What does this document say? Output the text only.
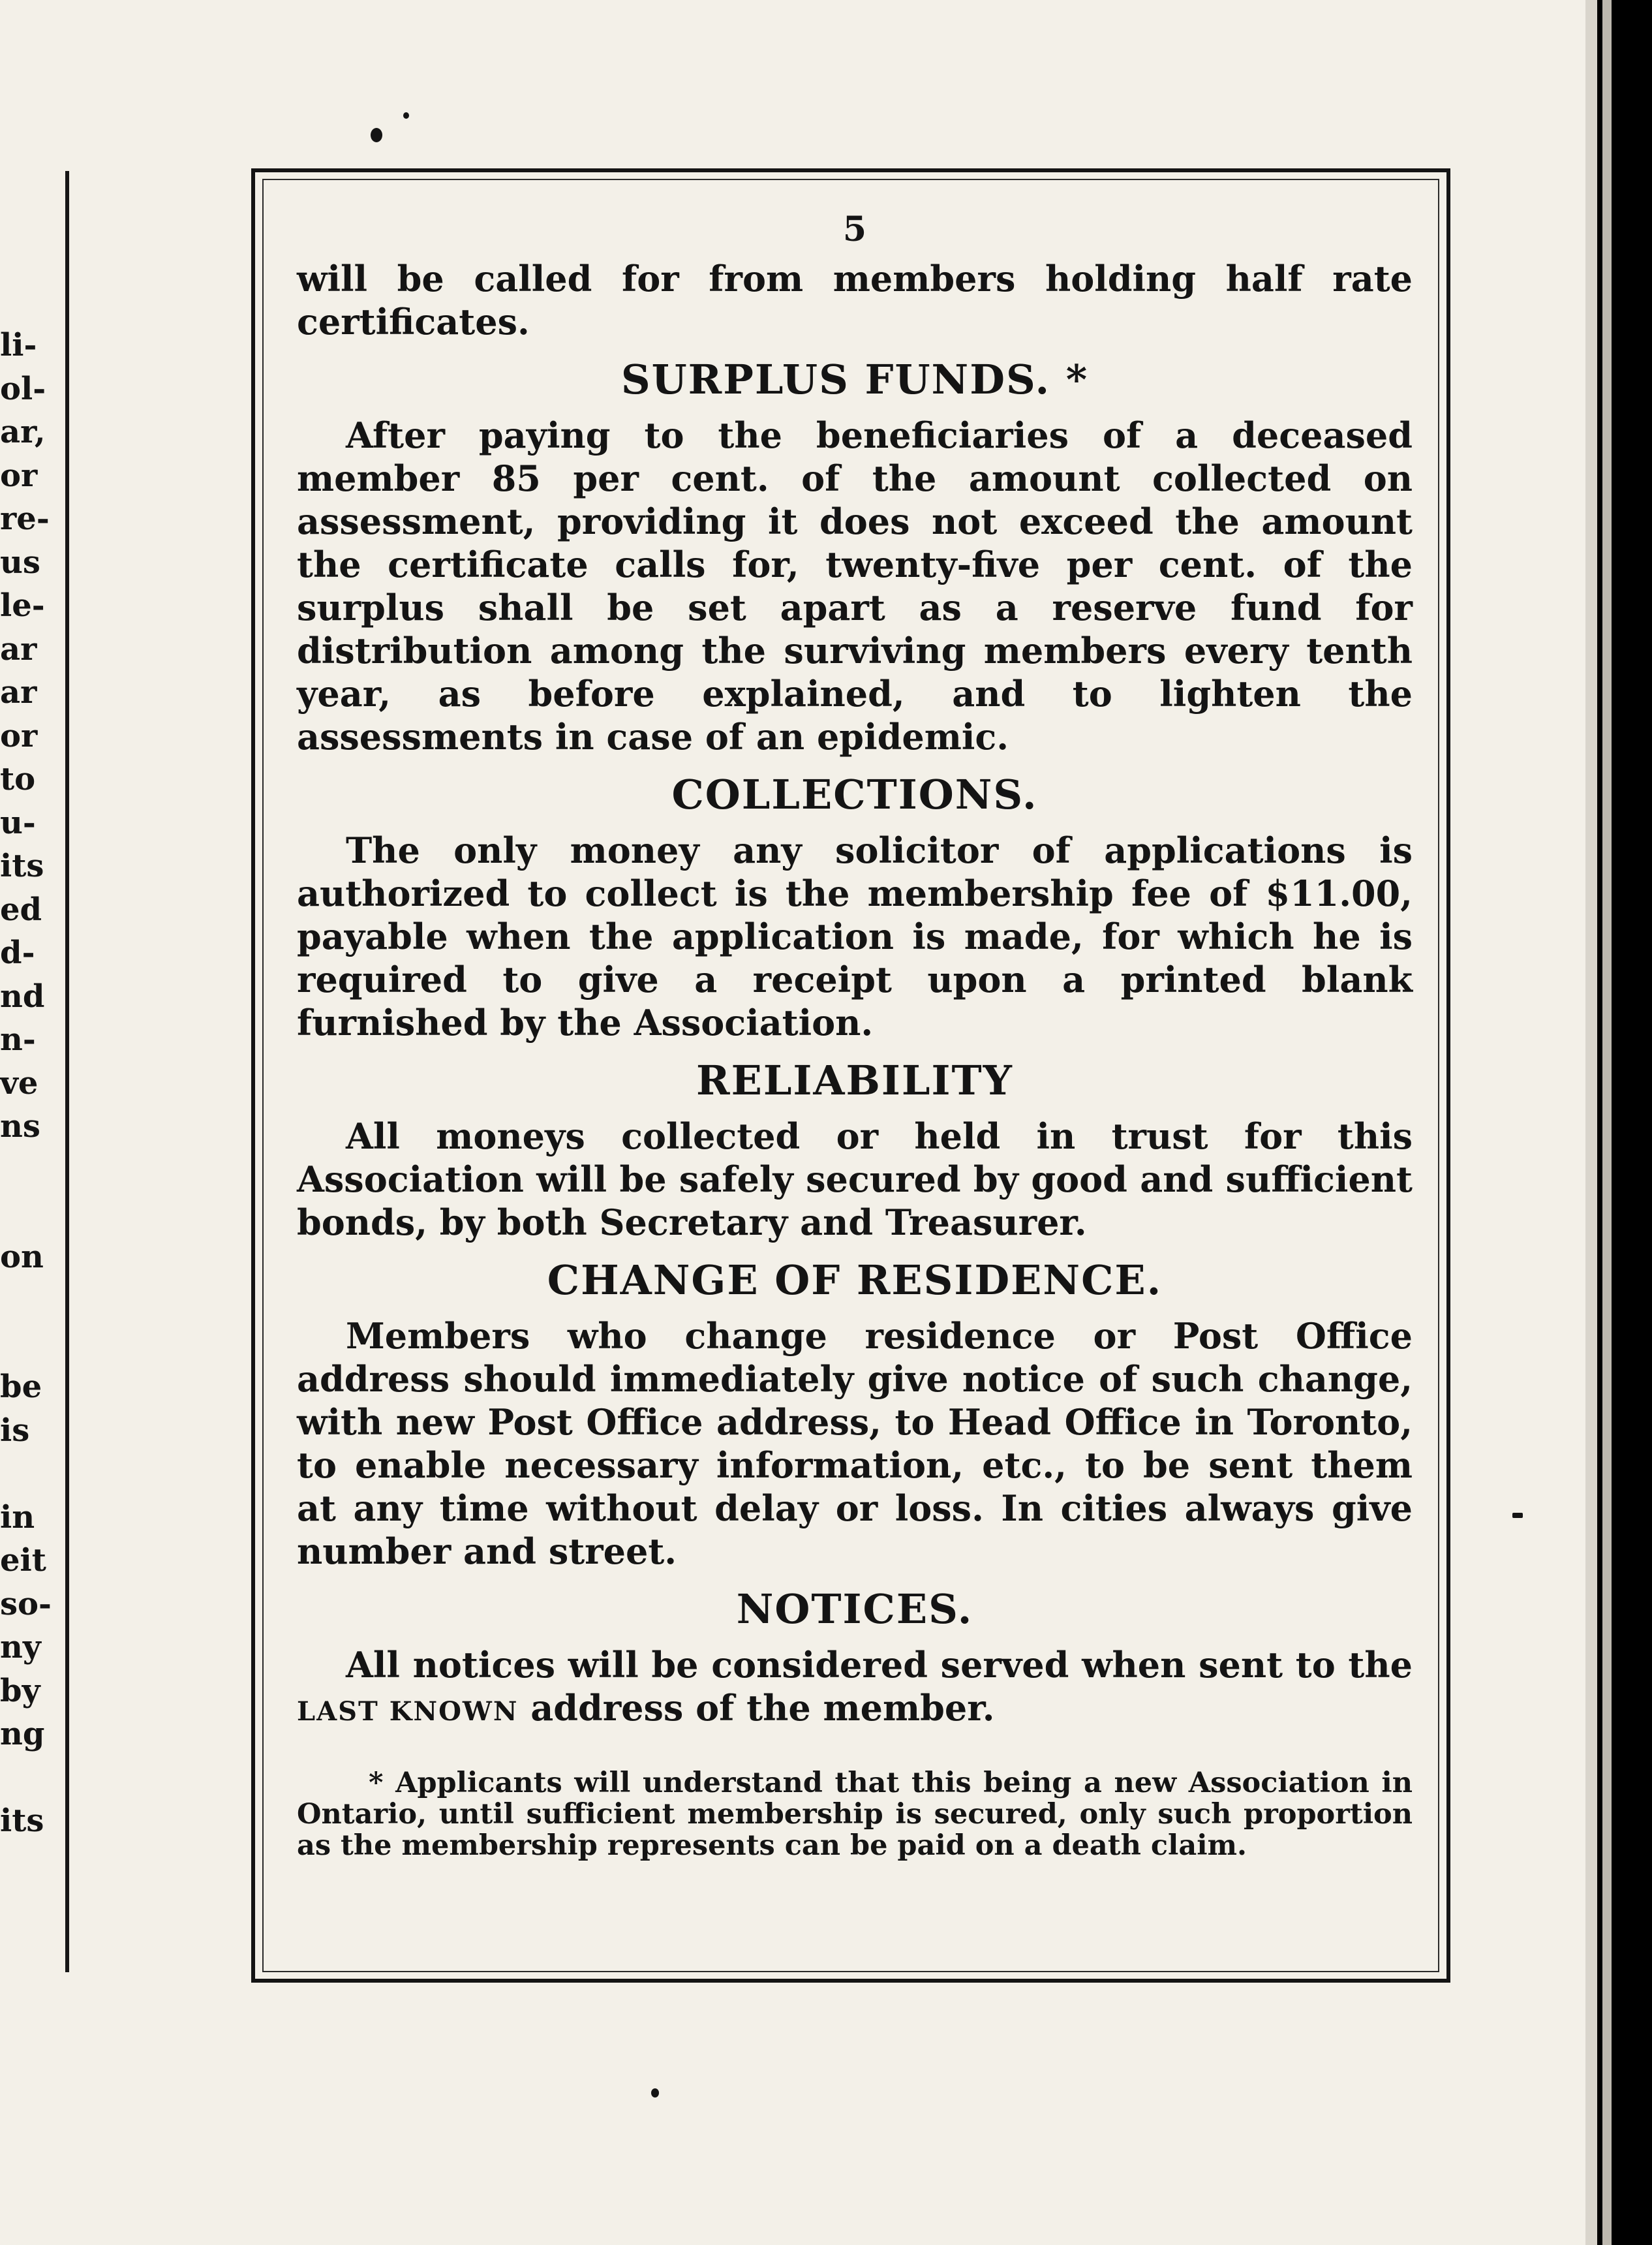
li-
ol-
ar,
or
re-
us
le-
ar
ar
or
to
u-
its
ed
d-
nd
n-
ve
ns
on
be
is
in
eit
so-
ny
by
ng
its
5

will be called for from members holding half rate certificates.

SURPLUS FUNDS. *

After paying to the beneficiaries of a deceased member 85 per cent. of the amount collected on assessment, providing it does not exceed the amount the certificate calls for, twenty-five per cent. of the surplus shall be set apart as a reserve fund for distribution among the surviving members every tenth year, as before explained, and to lighten the assessments in case of an epidemic.

COLLECTIONS.

The only money any solicitor of applications is authorized to collect is the membership fee of $11.00, payable when the application is made, for which he is required to give a receipt upon a printed blank furnished by the Association.

RELIABILITY

All moneys collected or held in trust for this Association will be safely secured by good and sufficient bonds, by both Secretary and Treasurer.

CHANGE OF RESIDENCE.

Members who change residence or Post Office address should immediately give notice of such change, with new Post Office address, to Head Office in Toronto, to enable necessary information, etc., to be sent them at any time without delay or loss. In cities always give number and street.

NOTICES.

All notices will be considered served when sent to the LAST KNOWN address of the member.

* Applicants will understand that this being a new Association in Ontario, until sufficient membership is secured, only such proportion as the membership represents can be paid on a death claim.
